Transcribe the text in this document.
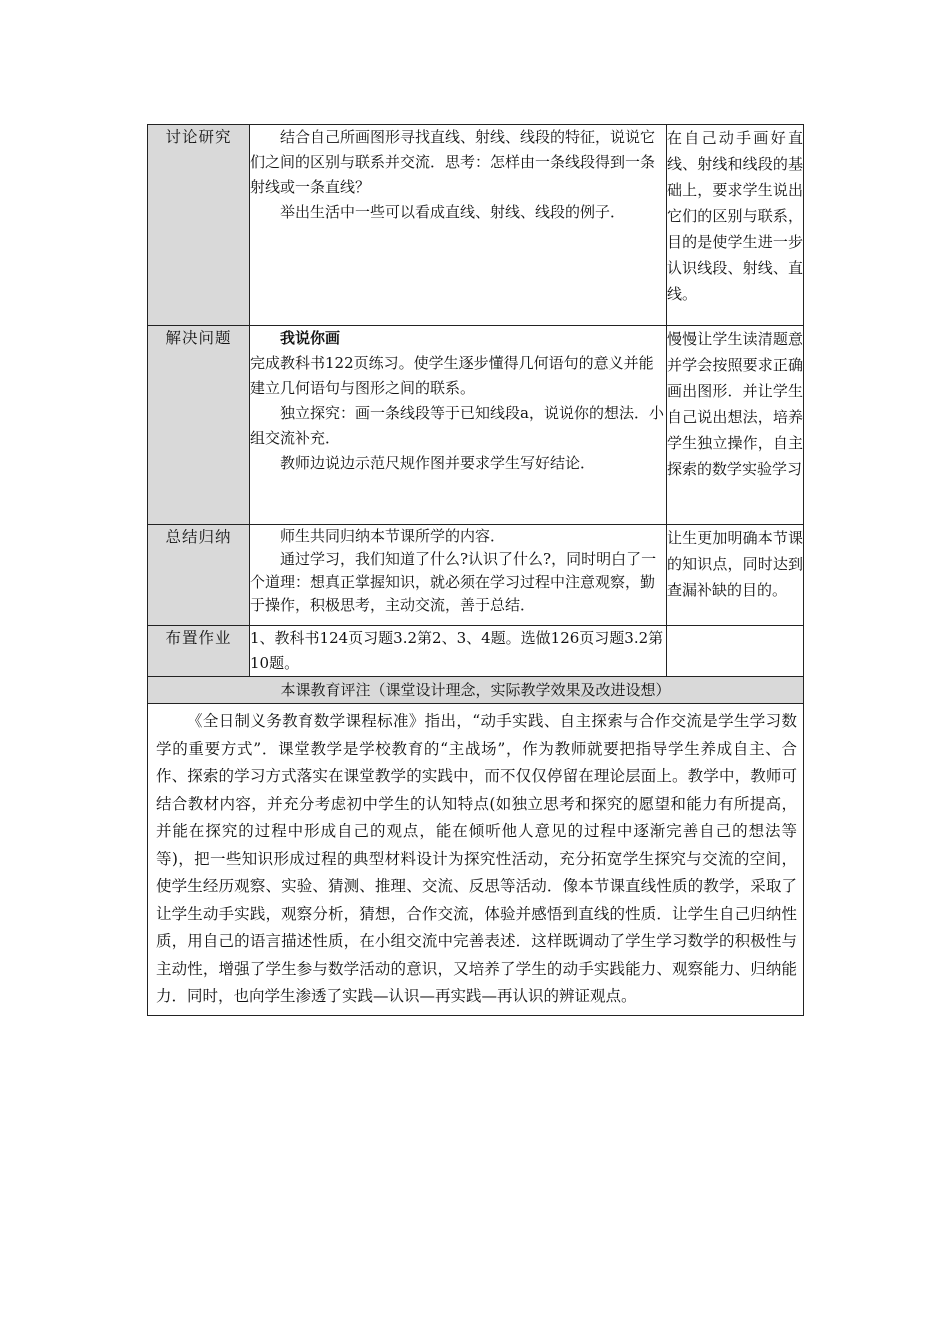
讨论研究	结合自己所画图形寻找直线、射线、线段的特征，说说它们之间的区别与联系并交流．思考：怎样由一条线段得到一条射线或一条直线？

举出生活中一些可以看成直线、射线、线段的例子．	在自己动手画好直线、射线和线段的基础上，要求学生说出它们的区别与联系，目的是使学生进一步认识线段、射线、直线。
解决问题	我说你画

完成教科书122页练习。使学生逐步懂得几何语句的意义并能建立几何语句与图形之间的联系。

独立探究：画一条线段等于已知线段a，说说你的想法．小组交流补充．

教师边说边示范尺规作图并要求学生写好结论．	慢慢让学生读清题意并学会按照要求正确画出图形．并让学生自己说出想法，培养学生独立操作，自主探索的数学实验学习
总结归纳	师生共同归纳本节课所学的内容．

通过学习，我们知道了什么?认识了什么?，同时明白了一个道理：想真正掌握知识，就必须在学习过程中注意观察，勤于操作，积极思考，主动交流，善于总结．	让生更加明确本节课的知识点，同时达到查漏补缺的目的。
布置作业	1、教科书124页习题3.2第2、3、4题。选做126页习题3.2第10题。	

本课教育评注（课堂设计理念，实际教学效果及改进设想）		

《全日制义务教育数学课程标准》指出，“动手实践、自主探索与合作交流是学生学习数学的重要方式”．课堂教学是学校教育的“主战场”，作为教师就要把指导学生养成自主、合作、探索的学习方式落实在课堂教学的实践中，而不仅仅停留在理论层面上。教学中，教师可结合教材内容，并充分考虑初中学生的认知特点(如独立思考和探究的愿望和能力有所提高，并能在探究的过程中形成自己的观点，能在倾听他人意见的过程中逐渐完善自己的想法等等)，把一些知识形成过程的典型材料设计为探究性活动，充分拓宽学生探究与交流的空间，使学生经历观察、实验、猜测、推理、交流、反思等活动．像本节课直线性质的教学，采取了让学生动手实践，观察分析，猜想，合作交流，体验并感悟到直线的性质．让学生自己归纳性质，用自己的语言描述性质，在小组交流中完善表述．这样既调动了学生学习数学的积极性与主动性，增强了学生参与数学活动的意识，又培养了学生的动手实践能力、观察能力、归纳能力．同时，也向学生渗透了实践—认识—再实践—再认识的辨证观点。		
